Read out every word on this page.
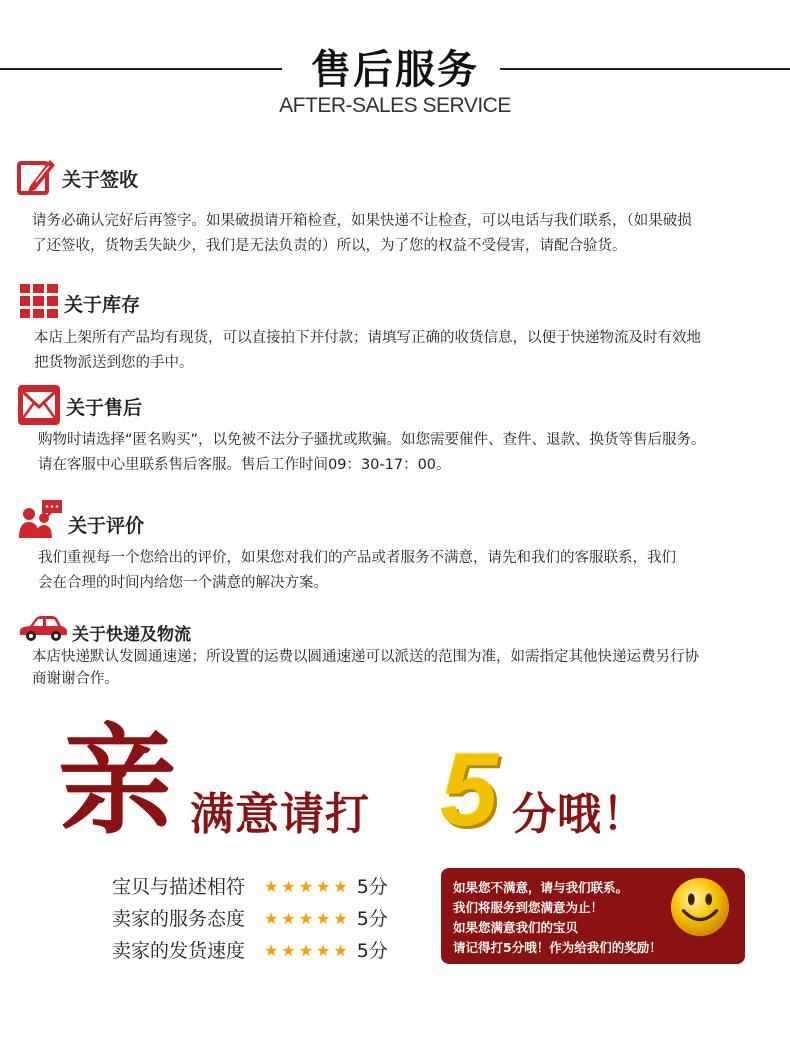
售后服务
AFTER-SALES SERVICE
关于签收
请务必确认完好后再签字。如果破损请开箱检查，如果快递不让检查，可以电话与我们联系，（如果破损
了还签收，货物丢失缺少，我们是无法负责的）所以，为了您的权益不受侵害，请配合验货。
关于库存
本店上架所有产品均有现货，可以直接拍下并付款；请填写正确的收货信息，以便于快递物流及时有效地
把货物派送到您的手中。
关于售后
购物时请选择“匿名购买”，以免被不法分子骚扰或欺骗。如您需要催件、查件、退款、换货等售后服务。
请在客服中心里联系售后客服。售后工作时间09：30-17：00。
关于评价
我们重视每一个您给出的评价，如果您对我们的产品或者服务不满意，请先和我们的客服联系，我们
会在合理的时间内给您一个满意的解决方案。
关于快递及物流
本店快递默认发圆通速递；所设置的运费以圆通速递可以派送的范围为准，如需指定其他快递运费另行协
商谢谢合作。
亲 满意请打 5 分哦！
宝贝与描述相符 ★★★★★ 5分
卖家的服务态度 ★★★★★ 5分
卖家的发货速度 ★★★★★ 5分
如果您不满意，请与我们联系。
我们将服务到您满意为止！
如果您满意我们的宝贝
请记得打5分哦！作为给我们的奖励！
